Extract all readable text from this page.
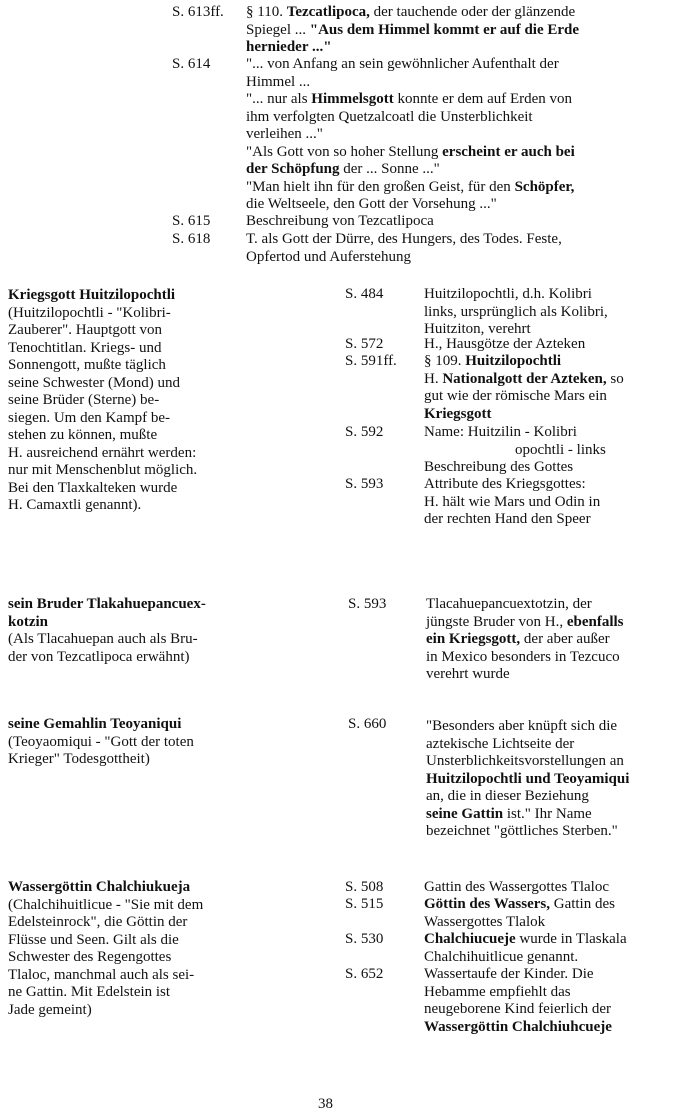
S. 613ff. § 110. Tezcatlipoca, der tauchende oder der glänzende
Spiegel ... "Aus dem Himmel kommt er auf die Erde
hernieder ..."
S. 614 "... von Anfang an sein gewöhnlicher Aufenthalt der
Himmel ...
"... nur als Himmelsgott konnte er dem auf Erden von
ihm verfolgten Quetzalcoatl die Unsterblichkeit
verleihen ..."
"Als Gott von so hoher Stellung erscheint er auch bei
der Schöpfung der ... Sonne ..."
"Man hielt ihn für den großen Geist, für den Schöpfer,
die Weltseele, den Gott der Vorsehung ..."
S. 615 Beschreibung von Tezcatlipoca
S. 618 T. als Gott der Dürre, des Hungers, des Todes. Feste,
Opfertod und Auferstehung
Kriegsgott Huitzilopochtli
(Huitzilopochtli - "Kolibri-
Zauberer". Hauptgott von
Tenochtitlan. Kriegs- und
Sonnengott, mußte täglich
seine Schwester (Mond) und
seine Brüder (Sterne) be-
siegen. Um den Kampf be-
stehen zu können, mußte
H. ausreichend ernährt werden:
nur mit Menschenblut möglich.
Bei den Tlaxkalteken wurde
H. Camaxtli genannt).
S. 484	Huitzilopochtli, d.h. Kolibri
links, ursprünglich als Kolibri,
Huitziton, verehrt
S. 572	H., Hausgötze der Azteken
S. 591ff. § 109. Huitzilopochtli
H. Nationalgott der Azteken, so
gut wie der römische Mars ein
Kriegsgott
S. 592	Name: Huitzilin - Kolibri
opochtli - links
Beschreibung des Gottes
S. 593	Attribute des Kriegsgottes:
H. hält wie Mars und Odin in
der rechten Hand den Speer
sein Bruder Tlakahuepancuex-
kotzin
(Als Tlacahuepan auch als Bru-
der von Tezcatlipoca erwähnt)
S. 593	Tlacahuepancuextotzin, der
jüngste Bruder von H., ebenfalls
ein Kriegsgott, der aber außer
in Mexico besonders in Tezcuco
verehrt wurde
seine Gemahlin Teoyaniqui
(Teoyaomiqui - "Gott der toten
Krieger" Todesgottheit)
S. 660	"Besonders aber knüpft sich die
aztekische Lichtseite der
Unsterblichkeitsvorstellungen an
Huitzilopochtli und Teoyamiqui
an, die in dieser Beziehung
seine Gattin ist." Ihr Name
bezeichnet "göttliches Sterben."
Wassergöttin Chalchiukueja
(Chalchihuitlicue - "Sie mit dem
Edelsteinrock", die Göttin der
Flüsse und Seen. Gilt als die
Schwester des Regengottes
Tlaloc, manchmal auch als sei-
ne Gattin. Mit Edelstein ist
Jade gemeint)
S. 508	Gattin des Wassergottes Tlaloc
S. 515	Göttin des Wassers, Gattin des
Wassergottes Tlalok
S. 530	Chalchiucueje wurde in Tlaskala
Chalchihuitlicue genannt.
S. 652	Wassertaufe der Kinder. Die
Hebamme empfiehlt das
neugeborene Kind feierlich der
Wassergöttin Chalchiuhcueje
38
